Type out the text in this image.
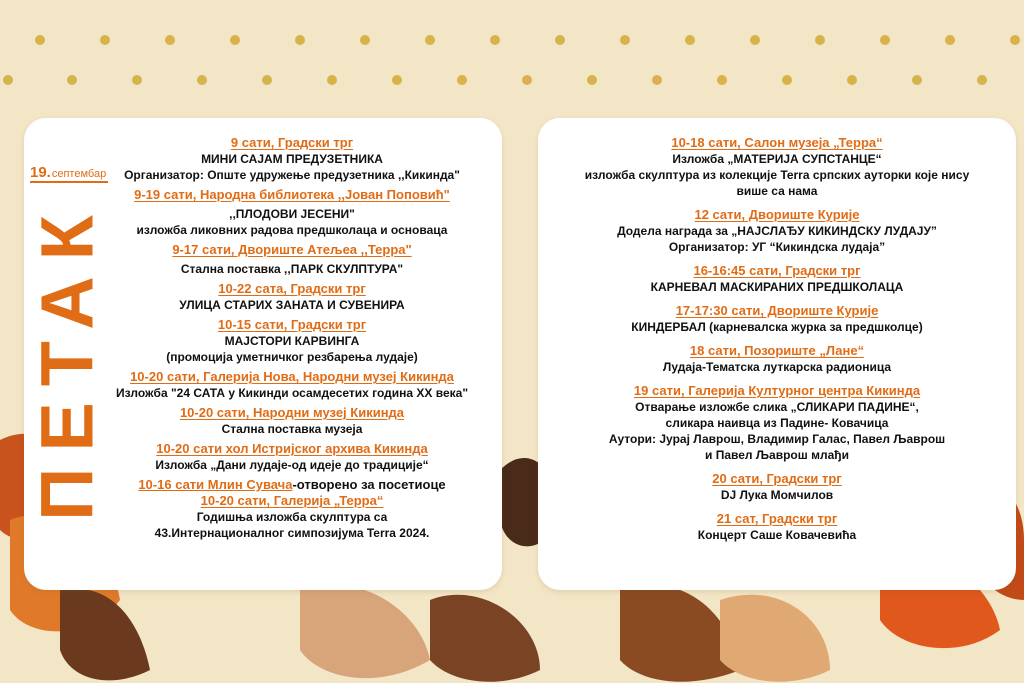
19.септембар
ПЕТАК
9 сати, Градски трг
МИНИ САЈАМ ПРЕДУЗЕТНИКА
Организатор: Опште удружење предузетника ,,Кикинда"
9-19 сати, Народна библиотека ,,Јован Поповић"
,,ПЛОДОВИ ЈЕСЕНИ"
изложба ликовних радова предшколаца и основаца
9-17 сати, Двориште Атељеа ,,Терра"
Стална поставка ,,ПАРК СКУЛПТУРА"
10-22 сата, Градски трг
УЛИЦА СТАРИХ ЗАНАТА И СУВЕНИРА
10-15 сати, Градски трг
МАЈСТОРИ КАРВИНГА
(промоција уметничког резбарења лудаје)
10-20 сати, Галерија Нова, Народни музеј Кикинда
Изложба "24 САТА у Кикинди осамдесетих година XX века"
10-20 сати, Народни музеј Кикинда
Стална поставка музеја
10-20 сати хол Истријског архива Кикинда
Изложба „Дани лудаје-од идеје до традиције“
10-16 сати Млин Сувача-отворено за посетиоце
10-20 сати, Галерија „Терра“
Годишња изложба скулптура са
43.Интернационалног симпозијума Terra 2024.
10-18 сати, Салон музеја „Терра“
Изложба „МАТЕРИЈА СУПСТАНЦЕ“
изложба скулптура из колекције Terra српских ауторки које нису
више са нама
12 сати, Двориште Курије
Додела награда за „НАЈСЛАЂУ КИКИНДСКУ ЛУДАЈУ”
Организатор: УГ “Кикиндска лудаја”
16-16:45 сати, Градски трг
КАРНЕВАЛ МАСКИРАНИХ ПРЕДШКОЛАЦА
17-17:30 сати, Двориште Курије
КИНДЕРБАЛ (карневалска журка за предшколце)
18 сати, Позориште „Лане“
Лудаја-Тематска луткарска радионица
19 сати, Галерија Културног центра Кикинда
Отварање изложбе слика „СЛИКАРИ ПАДИНЕ“,
сликара наивца из Падине- Ковачица
Аутори: Јурај Лаврош, Владимир Галас, Павел Љаврош
и Павел Љаврош млађи
20 сати, Градски трг
DJ Лука Момчилов
21 сат, Градски трг
Концерт Саше Ковачевића
